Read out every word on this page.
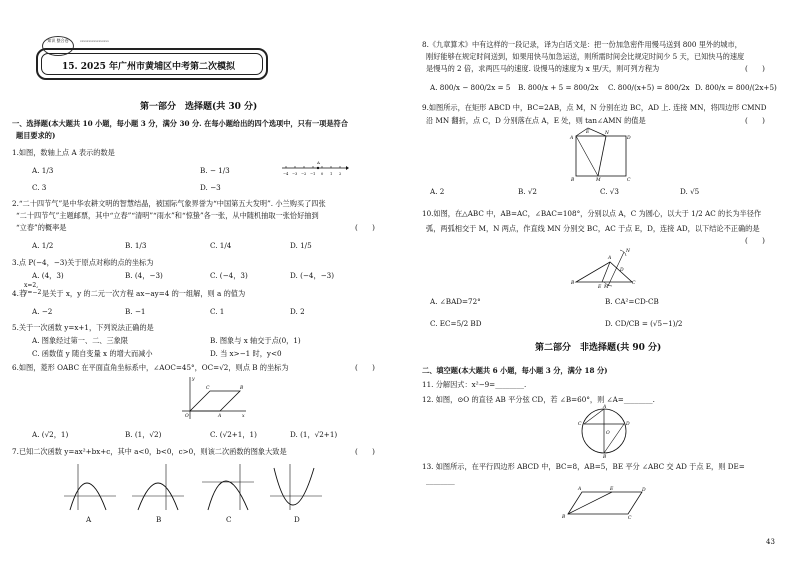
知识 整合卷	xxxxxxxxxxxxxxxxx
15. 2025 年广州市黄埔区中考第二次模拟
第一部分　选择题(共 30 分)
一、选择题(本大题共 10 小题，每小题 3 分，满分 30 分. 在每小题给出的四个选项中，只有一项是符合
题目要求的)
1.如图，数轴上点 A 表示的数是
A. 1/3	B. − 1/3
C. 3	D. −3
A
−4 −3 −2 −1 0 1 2
2.“二十四节气”是中华农耕文明的智慧结晶，被国际气象界誉为“中国第五大发明”. 小兰购买了四张
“二十四节气”主题邮票，其中“立春”“清明”“雨水”和“惊蛰”各一张，从中随机抽取一张恰好抽到
“立春”的概率是	(　　)
A. 1/2	B. 1/3	C. 1/4	D. 1/5
3.点 P(−4，−3)关于原点对称的点的坐标为
A. (4，3)	B. (4，−3)	C. (−4，3)	D. (−4，−3)
4.若
x=2,
y=−2 是关于 x，y 的二元一次方程 ax−ay=4 的一组解，则 a 的值为
A. −2	B. −1	C. 1	D. 2
5.关于一次函数 y=x+1，下列说法正确的是
A. 图象经过第一、二、三象限	B. 图象与 x 轴交于点(0，1)
C. 函数值 y 随自变量 x 的增大而减小	D. 当 x>−1 时，y<0
6.如图，菱形 OABC 在平面直角坐标系中，∠AOC=45°，OC=√2，则点 B 的坐标为	(　　)
y
C	B
O	A	x
A. (√2，1)	B. (1，√2)	C. (√2+1，1)	D. (1，√2+1)
7.已知二次函数 y=ax²+bx+c，其中 a<0，b<0，c>0，则该二次函数的图象大致是	(　　)
A	B	C	D
8.《九章算术》中有这样的一段记录，译为白话文是：把一份加急密件用慢马送到 800 里外的城市，
刚好能够在规定时间送到，如果用快马加急运送，则所需时间会比规定时间少 5 天，已知快马的速度
是慢马的 2 倍，求两匹马的速度. 设慢马的速度为 x 里/天，则可列方程为	(　　)
A. 800/x − 800/2x = 5 B. 800/x + 5 = 800/2x C. 800/(x+5) = 800/2x D. 800/x = 800/(2x+5)
9.如图所示，在矩形 ABCD 中，BC=2AB，点 M，N 分别在边 BC，AD 上. 连接 MN，将四边形 CMND
沿 MN 翻折，点 C，D 分别落在点 A，E 处，则 tan∠AMN 的值是	(　　)
E
A
N
D
B	M	C
A. 2	B. √2	C. √3	D. √5
10.如图，在△ABC 中，AB=AC，∠BAC=108°，分别以点 A，C 为圆心，以大于 1/2 AC 的长为半径作
弧，两弧相交于 M，N 两点，作直线 MN 分别交 BC，AC 于点 E，D，连接 AD，以下结论不正确的是
(　　)
A
N
M
B
D
E
C
A. ∠BAD=72°	B. CA²=CD·CB
C. EC=5/2 BD	D. CD/CB = (√5−1)/2
第二部分　非选择题(共 90 分)
二、填空题(本大题共 6 小题，每小题 3 分，满分 18 分)
11. 分解因式：x²−9=________.
12. 如图，⊙O 的直径 AB 平分弦 CD，若 ∠B=60°，则 ∠A=________.
A
C	D
O
B
13. 如图所示，在平行四边形 ABCD 中，BC=8，AB=5，BE 平分 ∠ABC 交 AD 于点 E，则 DE=
________
A	E	D
B	C
43
